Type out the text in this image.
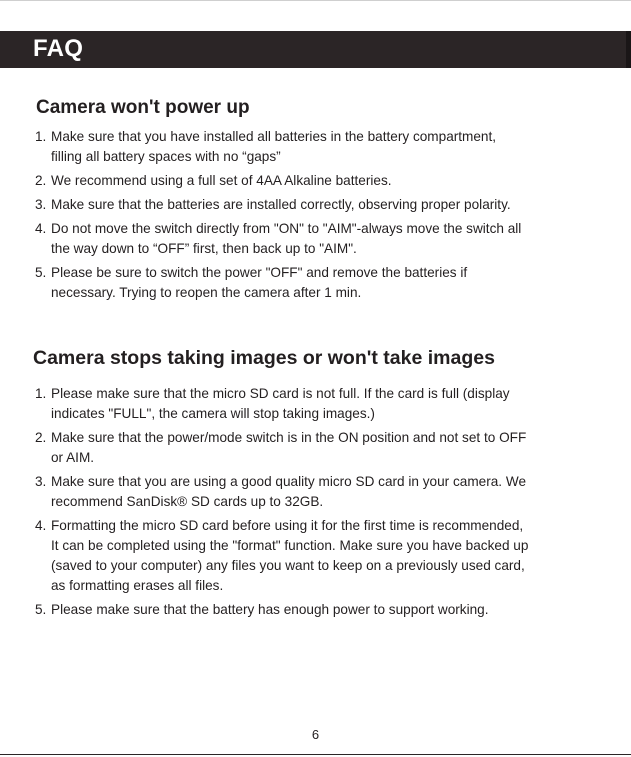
FAQ
Camera won't power up
1. Make sure that you have installed all batteries in the battery compartment,
filling all battery spaces with no “gaps”
2. We recommend using a full set of 4AA Alkaline batteries.
3. Make sure that the batteries are installed correctly, observing proper polarity.
4. Do not move the switch directly from "ON" to "AIM"-always move the switch all
the way down to “OFF” first, then back up to "AIM".
5. Please be sure to switch the power "OFF" and remove the batteries if
necessary. Trying to reopen the camera after 1 min.
Camera stops taking images or won't take images
1. Please make sure that the micro SD card is not full. If the card is full (display
indicates "FULL", the camera will stop taking images.)
2. Make sure that the power/mode switch is in the ON position and not set to OFF
or AIM.
3. Make sure that you are using a good quality micro SD card in your camera. We
recommend SanDisk® SD cards up to 32GB.
4. Formatting the micro SD card before using it for the first time is recommended,
It can be completed using the "format" function. Make sure you have backed up
(saved to your computer) any files you want to keep on a previously used card,
as formatting erases all files.
5. Please make sure that the battery has enough power to support working.
6
